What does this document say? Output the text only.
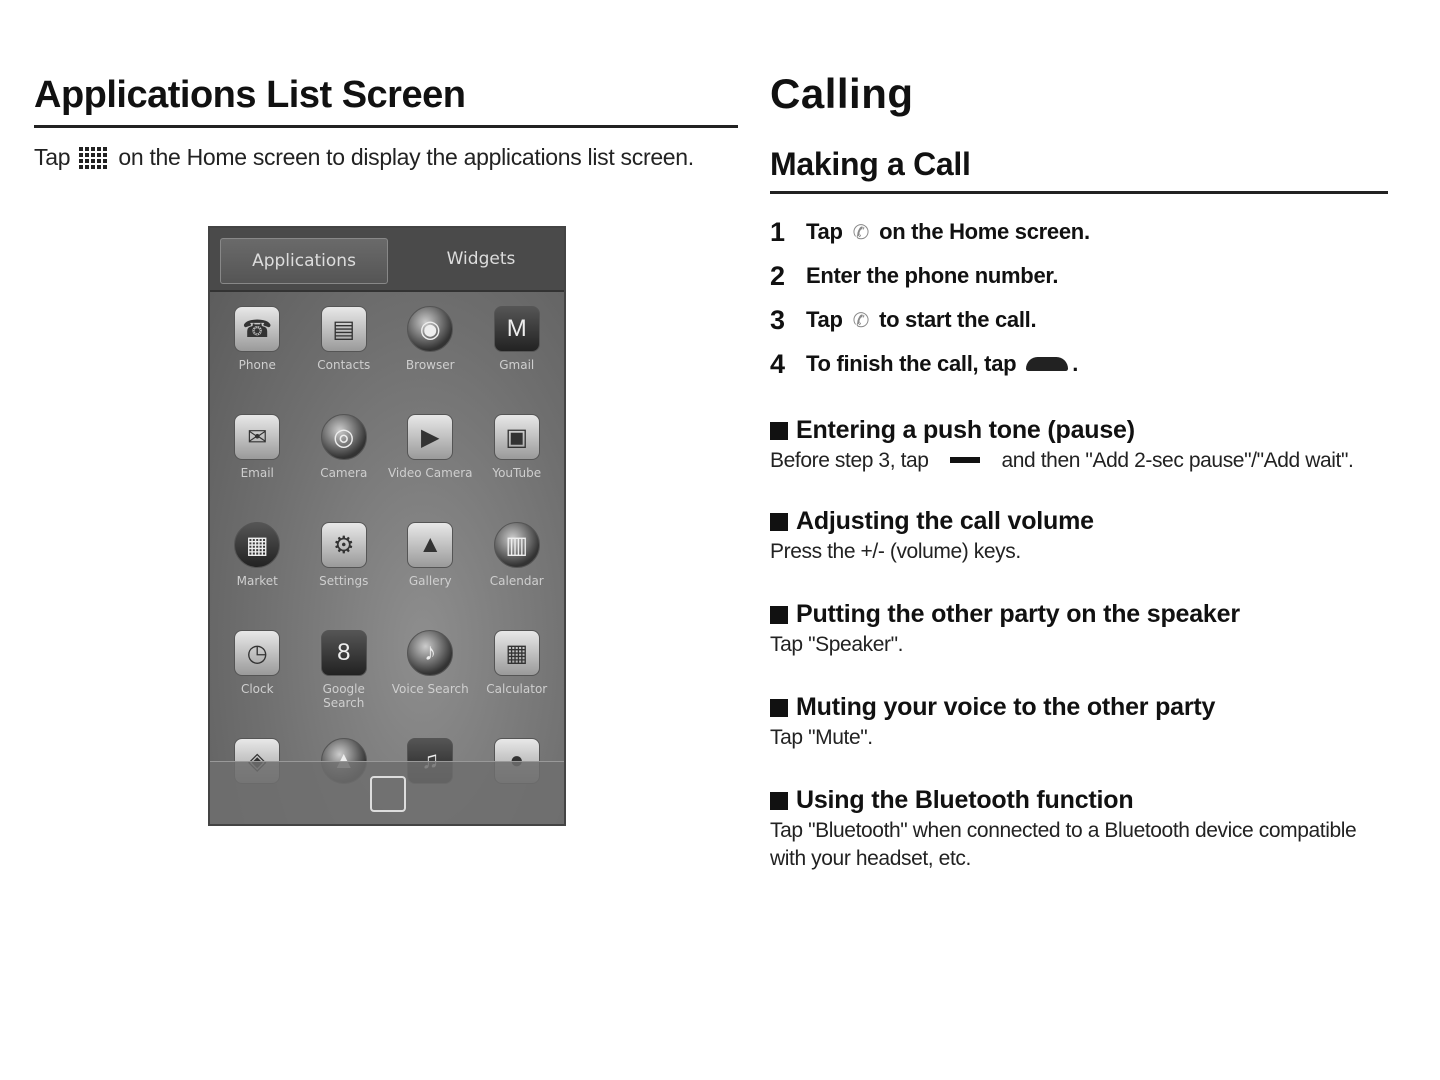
Applications List Screen
Tap on the Home screen to display the applications list screen.
Applications	Widgets
☎
Phone
▤
Contacts
◉
Browser
M
Gmail
✉
Email
◎
Camera
▶
Video Camera
▣
YouTube
▦
Market
⚙
Settings
▲
Gallery
▥
Calendar
◷
Clock
8
Google Search
♪
Voice Search
▦
Calculator
Calling
Making a Call
1 Tap ✆ on the Home screen.
2 Enter the phone number.
3 Tap ✆ to start the call.
4 To finish the call, tap	.
Entering a push tone (pause)
Before step 3, tap	and then "Add 2-sec pause"/"Add wait".
Adjusting the call volume
Press the +/- (volume) keys.
Putting the other party on the speaker
Tap "Speaker".
Muting your voice to the other party
Tap "Mute".
Using the Bluetooth function
Tap "Bluetooth" when connected to a Bluetooth device compatible with your headset, etc.
